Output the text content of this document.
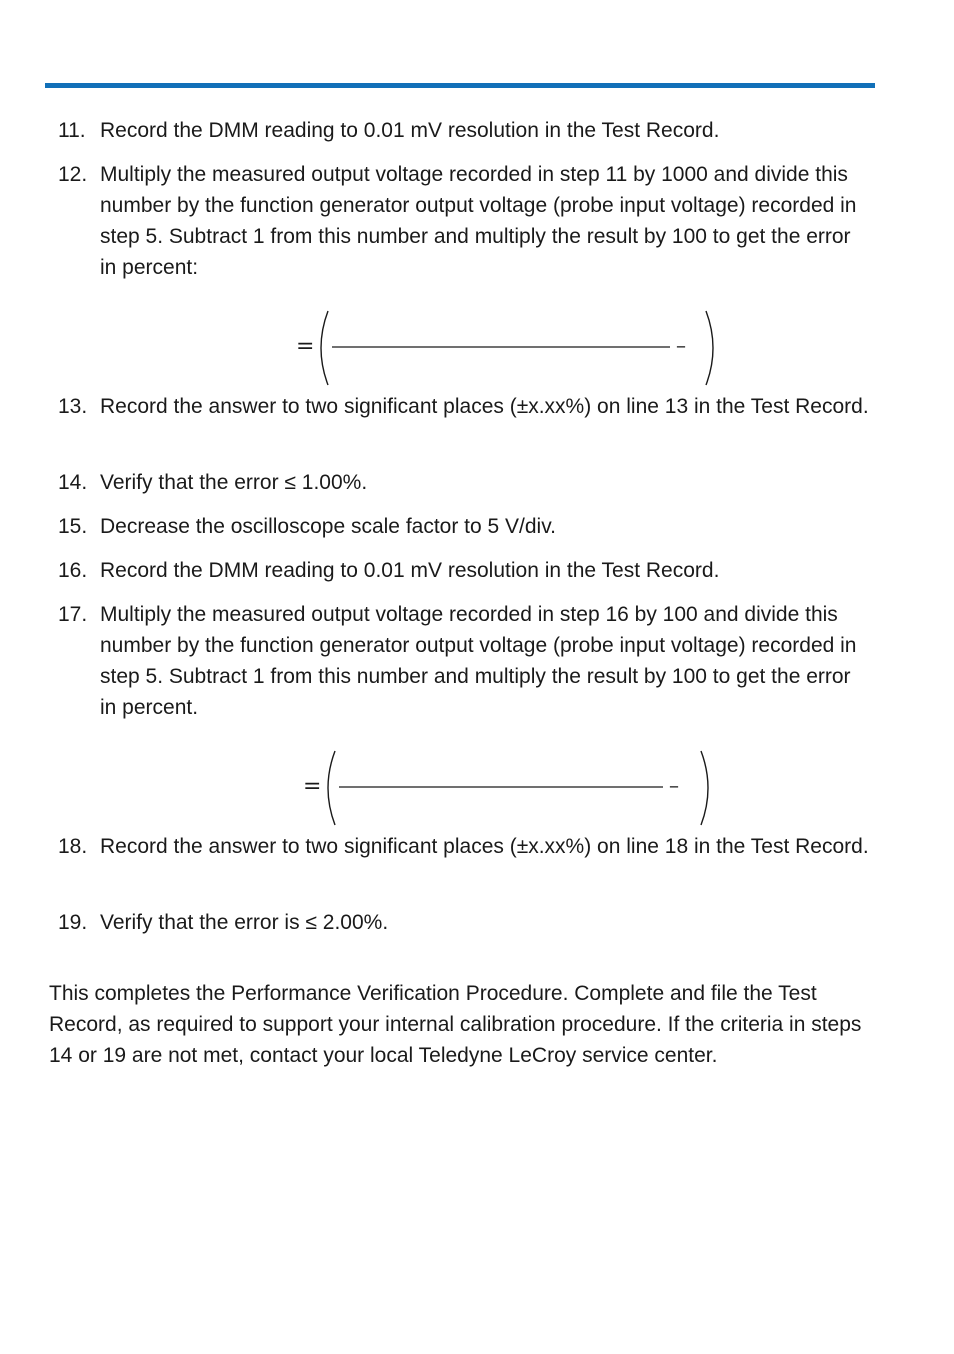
11. Record the DMM reading to 0.01 mV resolution in the Test Record.
12. Multiply the measured output voltage recorded in step 11 by 1000 and divide this number by the function generator output voltage (probe input voltage) recorded in step 5. Subtract 1 from this number and multiply the result by 100 to get the error in percent:
=	–
13. Record the answer to two significant places (±x.xx%) on line 13 in the Test Record.
14. Verify that the error ≤ 1.00%.
15. Decrease the oscilloscope scale factor to 5 V/div.
16. Record the DMM reading to 0.01 mV resolution in the Test Record.
17. Multiply the measured output voltage recorded in step 16 by 100 and divide this number by the function generator output voltage (probe input voltage) recorded in step 5. Subtract 1 from this number and multiply the result by 100 to get the error in percent.
=	–
18. Record the answer to two significant places (±x.xx%) on line 18 in the Test Record.
19. Verify that the error is ≤ 2.00%.

This completes the Performance Verification Procedure. Complete and file the Test Record, as required to support your internal calibration procedure. If the criteria in steps 14 or 19 are not met, contact your local Teledyne LeCroy service center.
